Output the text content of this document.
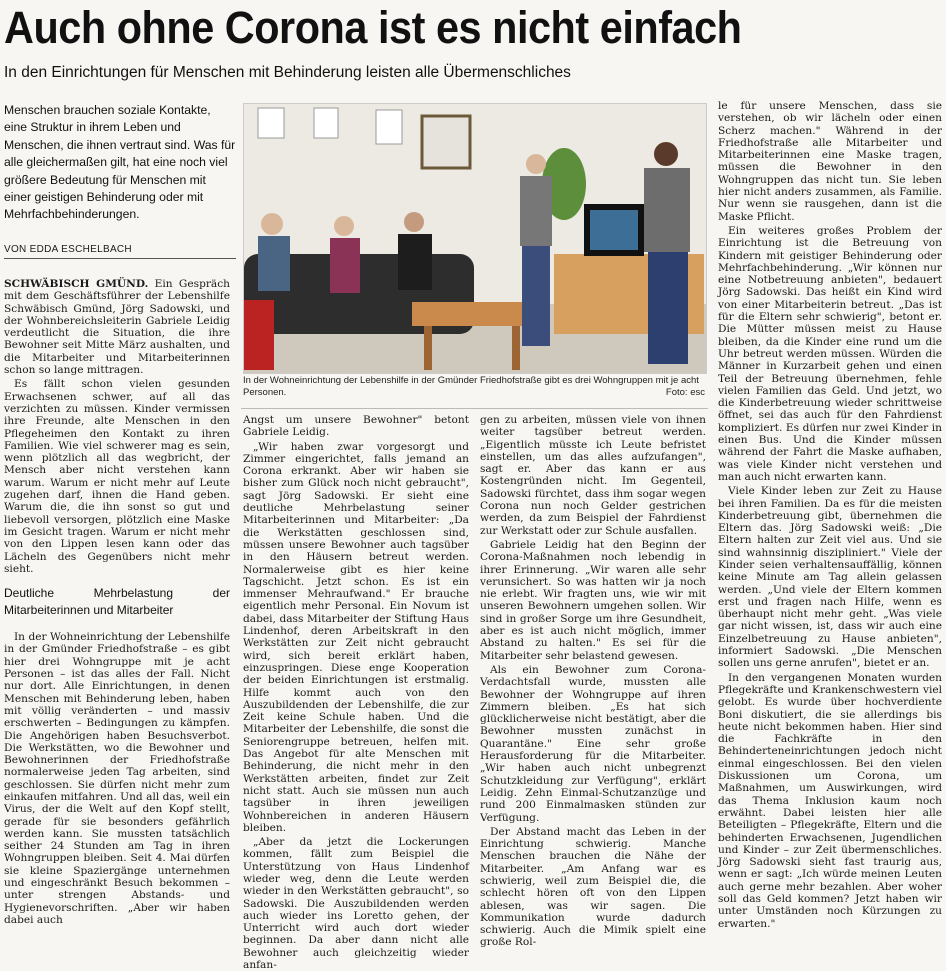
Auch ohne Corona ist es nicht einfach
In den Einrichtungen für Menschen mit Behinderung leisten alle Übermenschliches
Menschen brauchen soziale Kontakte, eine Struktur in ihrem Leben und Menschen, die ihnen vertraut sind. Was für alle gleichermaßen gilt, hat eine noch viel größere Bedeutung für Menschen mit einer geistigen Behinderung oder mit Mehrfachbehinderungen.
VON EDDA ESCHELBACH
In der Wohneinrichtung der Lebenshilfe in der Gmünder Friedhofstraße gibt es drei Wohngruppen mit je acht Personen.	Foto: esc

SCHWÄBISCH GMÜND. Ein Gespräch mit dem Geschäftsführer der Lebenshilfe Schwäbisch Gmünd, Jörg Sadowski, und der Wohnbereichsleiterin Gabriele Leidig verdeutlicht die Situation, die ihre Bewohner seit Mitte März aushalten, und die Mitarbeiter und Mitarbeiterinnen schon so lange mittragen.

Es fällt schon vielen gesunden Erwachsenen schwer, auf all das verzichten zu müssen. Kinder vermissen ihre Freunde, alte Menschen in den Pflegeheimen den Kontakt zu ihren Familien. Wie viel schwerer mag es sein, wenn plötzlich all das wegbricht, der Mensch aber nicht verstehen kann warum. Warum er nicht mehr auf Leute zugehen darf, ihnen die Hand geben. Warum die, die ihn sonst so gut und liebevoll versorgen, plötzlich eine Maske im Gesicht tragen. Warum er nicht mehr von den Lippen lesen kann oder das Lächeln des Gegenübers nicht mehr sieht.

Deutliche Mehrbelastung der Mitarbeiterinnen und Mitarbeiter

In der Wohneinrichtung der Lebenshilfe in der Gmünder Friedhofstraße – es gibt hier drei Wohngruppe mit je acht Personen – ist das alles der Fall. Nicht nur dort. Alle Einrichtungen, in denen Menschen mit Behinderung leben, haben mit völlig veränderten – und massiv erschwerten – Bedingungen zu kämpfen. Die Angehörigen haben Besuchsverbot. Die Werkstätten, wo die Bewohner und Bewohnerinnen der Friedhofstraße normalerweise jeden Tag arbeiten, sind geschlossen. Sie dürfen nicht mehr zum einkaufen mitfahren. Und all das, weil ein Virus, der die Welt auf den Kopf stellt, gerade für sie besonders gefährlich werden kann. Sie mussten tatsächlich seither 24 Stunden am Tag in ihren Wohngruppen bleiben. Seit 4. Mai dürfen sie kleine Spaziergänge unternehmen und eingeschränkt Besuch bekommen – unter strengen Abstands- und Hygienevorschriften. „Aber wir haben dabei auch

Angst um unsere Bewohner" betont Gabriele Leidig.

„Wir haben zwar vorgesorgt und Zimmer eingerichtet, falls jemand an Corona erkrankt. Aber wir haben sie bisher zum Glück noch nicht gebraucht", sagt Jörg Sadowski. Er sieht eine deutliche Mehrbelastung seiner Mitarbeiterinnen und Mitarbeiter: „Da die Werkstätten geschlossen sind, müssen unsere Bewohner auch tagsüber in den Häusern betreut werden. Normalerweise gibt es hier keine Tagschicht. Jetzt schon. Es ist ein immenser Mehraufwand." Er brauche eigentlich mehr Personal. Ein Novum ist dabei, dass Mitarbeiter der Stiftung Haus Lindenhof, deren Arbeitskraft in den Werkstätten zur Zeit nicht gebraucht wird, sich bereit erklärt haben, einzuspringen. Diese enge Kooperation der beiden Einrichtungen ist erstmalig. Hilfe kommt auch von den Auszubildenden der Lebenshilfe, die zur Zeit keine Schule haben. Und die Mitarbeiter der Lebenshilfe, die sonst die Seniorengruppe betreuen, helfen mit. Das Angebot für alte Menschen mit Behinderung, die nicht mehr in den Werkstätten arbeiten, findet zur Zeit nicht statt. Auch sie müssen nun auch tagsüber in ihren jeweiligen Wohnbereichen in anderen Häusern bleiben.

„Aber da jetzt die Lockerungen kommen, fällt zum Beispiel die Unterstützung von Haus Lindenhof wieder weg, denn die Leute werden wieder in den Werkstätten gebraucht", so Sadowski. Die Auszubildenden werden auch wieder ins Loretto gehen, der Unterricht wird auch dort wieder beginnen. Da aber dann nicht alle Bewohner auch gleichzeitig wieder anfan-

gen zu arbeiten, müssen viele von ihnen weiter tagsüber betreut werden. „Eigentlich müsste ich Leute befristet einstellen, um das alles aufzufangen", sagt er. Aber das kann er aus Kostengründen nicht. Im Gegenteil, Sadowski fürchtet, dass ihm sogar wegen Corona nun noch Gelder gestrichen werden, da zum Beispiel der Fahrdienst zur Werkstatt oder zur Schule ausfallen.

Gabriele Leidig hat den Beginn der Corona-Maßnahmen noch lebendig in ihrer Erinnerung. „Wir waren alle sehr verunsichert. So was hatten wir ja noch nie erlebt. Wir fragten uns, wie wir mit unseren Bewohnern umgehen sollen. Wir sind in großer Sorge um ihre Gesundheit, aber es ist auch nicht möglich, immer Abstand zu halten." Es sei für die Mitarbeiter sehr belastend gewesen.

Als ein Bewohner zum Corona-Verdachtsfall wurde, mussten alle Bewohner der Wohngruppe auf ihren Zimmern bleiben. „Es hat sich glücklicherweise nicht bestätigt, aber die Bewohner mussten zunächst in Quarantäne." Eine sehr große Herausforderung für die Mitarbeiter. „Wir haben auch nicht unbegrenzt Schutzkleidung zur Verfügung", erklärt Leidig. Zehn Einmal-Schutzanzüge und rund 200 Einmalmasken stünden zur Verfügung.

Der Abstand macht das Leben in der Einrichtung schwierig. Manche Menschen brauchen die Nähe der Mitarbeiter. „Am Anfang war es schwierig, weil zum Beispiel die, die schlecht hören oft von den Lippen ablesen, was wir sagen. Die Kommunikation wurde dadurch schwierig. Auch die Mimik spielt eine große Rol-

le für unsere Menschen, dass sie verstehen, ob wir lächeln oder einen Scherz machen." Während in der Friedhofstraße alle Mitarbeiter und Mitarbeiterinnen eine Maske tragen, müssen die Bewohner in den Wohngruppen das nicht tun. Sie leben hier nicht anders zusammen, als Familie. Nur wenn sie rausgehen, dann ist die Maske Pflicht.

Ein weiteres großes Problem der Einrichtung ist die Betreuung von Kindern mit geistiger Behinderung oder Mehrfachbehinderung. „Wir können nur eine Notbetreuung anbieten", bedauert Jörg Sadowski. Das heißt ein Kind wird von einer Mitarbeiterin betreut. „Das ist für die Eltern sehr schwierig", betont er. Die Mütter müssen meist zu Hause bleiben, da die Kinder eine rund um die Uhr betreut werden müssen. Würden die Männer in Kurzarbeit gehen und einen Teil der Betreuung übernehmen, fehle vielen Familien das Geld. Und jetzt, wo die Kinderbetreuung wieder schrittweise öffnet, sei das auch für den Fahrdienst kompliziert. Es dürfen nur zwei Kinder in einen Bus. Und die Kinder müssen während der Fahrt die Maske aufhaben, was viele Kinder nicht verstehen und man auch nicht erwarten kann.

Viele Kinder leben zur Zeit zu Hause bei ihren Familien. Da es für die meisten Kinderbetreuung gibt, übernehmen die Eltern das. Jörg Sadowski weiß: „Die Eltern halten zur Zeit viel aus. Und sie sind wahnsinnig diszipliniert." Viele der Kinder seien verhaltensauffällig, können keine Minute am Tag allein gelassen werden. „Und viele der Eltern kommen erst und fragen nach Hilfe, wenn es überhaupt nicht mehr geht. „Was viele gar nicht wissen, ist, dass wir auch eine Einzelbetreuung zu Hause anbieten", informiert Sadowski. „Die Menschen sollen uns gerne anrufen", bietet er an.

In den vergangenen Monaten wurden Pflegekräfte und Krankenschwestern viel gelobt. Es wurde über hochverdiente Boni diskutiert, die sie allerdings bis heute nicht bekommen haben. Hier sind die Fachkräfte in den Behinderteneinrichtungen jedoch nicht einmal eingeschlossen. Bei den vielen Diskussionen um Corona, um Maßnahmen, um Auswirkungen, wird das Thema Inklusion kaum noch erwähnt. Dabei leisten hier alle Beteiligten – Pflegekräfte, Eltern und die behinderten Erwachsenen, Jugendlichen und Kinder – zur Zeit übermenschliches. Jörg Sadowski sieht fast traurig aus, wenn er sagt: „Ich würde meinen Leuten auch gerne mehr bezahlen. Aber woher soll das Geld kommen? Jetzt haben wir unter Umständen noch Kürzungen zu erwarten."
